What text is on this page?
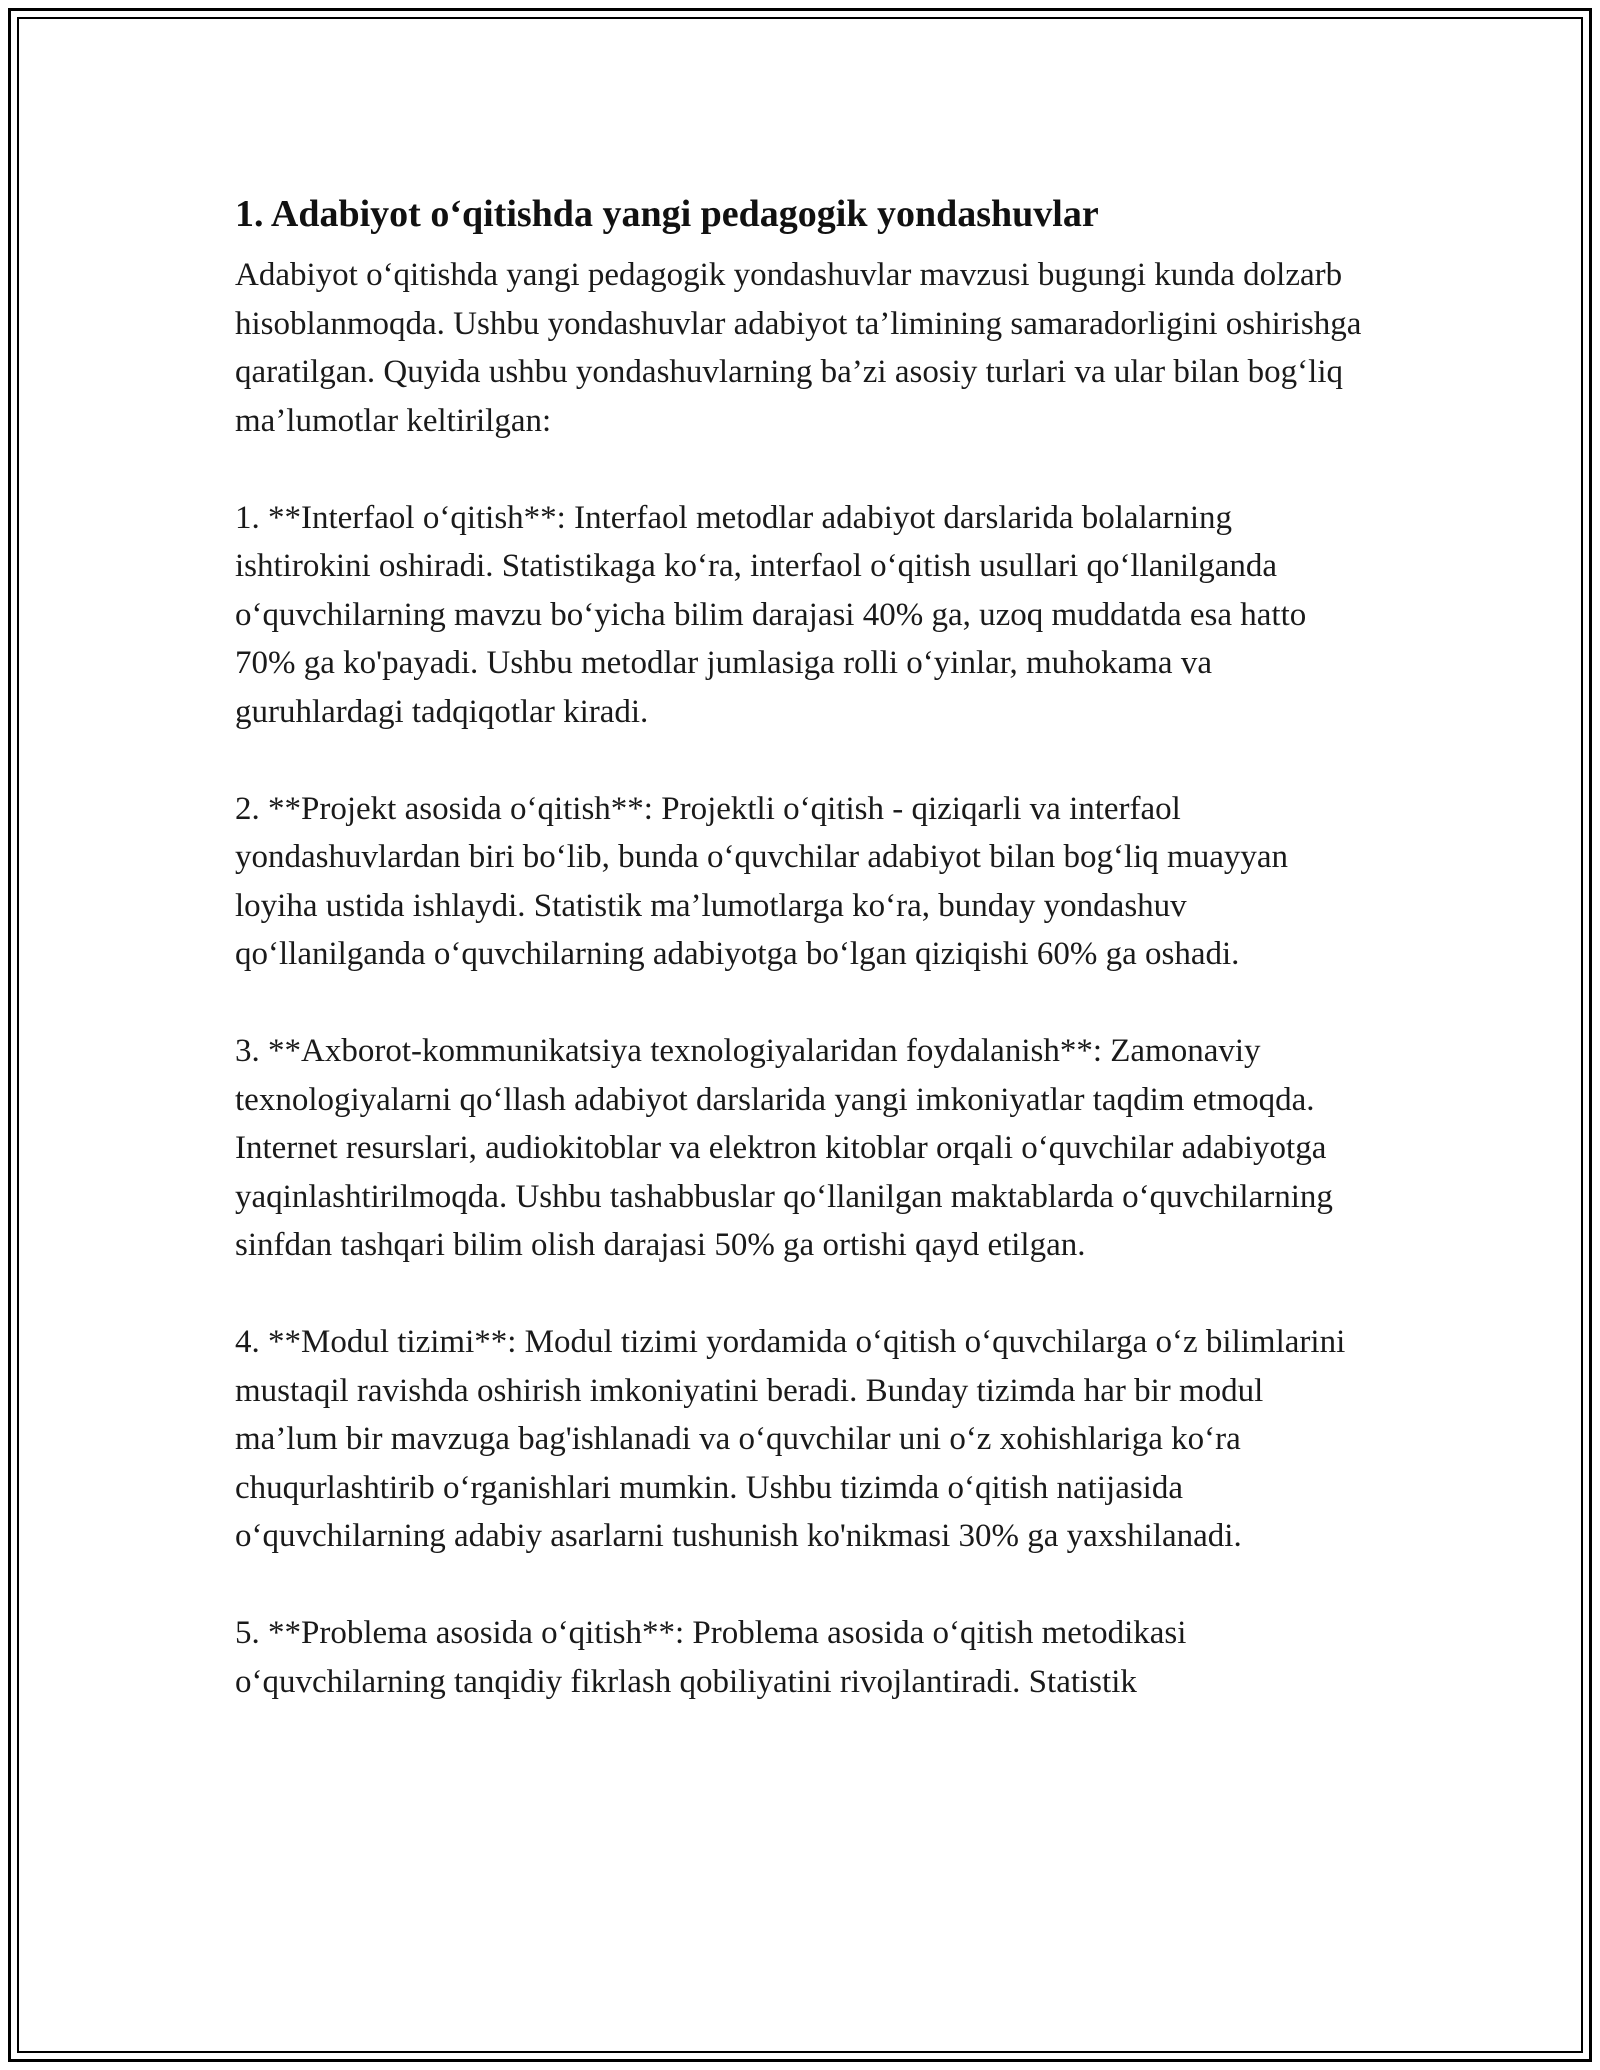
1. Adabiyot o‘qitishda yangi pedagogik yondashuvlar

Adabiyot o‘qitishda yangi pedagogik yondashuvlar mavzusi bugungi kunda dolzarb hisoblanmoqda. Ushbu yondashuvlar adabiyot ta’limining samaradorligini oshirishga qaratilgan. Quyida ushbu yondashuvlarning ba’zi asosiy turlari va ular bilan bog‘liq ma’lumotlar keltirilgan:

1. **Interfaol o‘qitish**: Interfaol metodlar adabiyot darslarida bolalarning ishtirokini oshiradi. Statistikaga ko‘ra, interfaol o‘qitish usullari qo‘llanilganda o‘quvchilarning mavzu bo‘yicha bilim darajasi 40% ga, uzoq muddatda esa hatto 70% ga ko'payadi. Ushbu metodlar jumlasiga rolli o‘yinlar, muhokama va guruhlardagi tadqiqotlar kiradi.

2. **Projekt asosida o‘qitish**: Projektli o‘qitish - qiziqarli va interfaol yondashuvlardan biri bo‘lib, bunda o‘quvchilar adabiyot bilan bog‘liq muayyan loyiha ustida ishlaydi. Statistik ma’lumotlarga ko‘ra, bunday yondashuv qo‘llanilganda o‘quvchilarning adabiyotga bo‘lgan qiziqishi 60% ga oshadi.

3. **Axborot-kommunikatsiya texnologiyalaridan foydalanish**: Zamonaviy texnologiyalarni qo‘llash adabiyot darslarida yangi imkoniyatlar taqdim etmoqda. Internet resurslari, audiokitoblar va elektron kitoblar orqali o‘quvchilar adabiyotga yaqinlashtirilmoqda. Ushbu tashabbuslar qo‘llanilgan maktablarda o‘quvchilarning sinfdan tashqari bilim olish darajasi 50% ga ortishi qayd etilgan.

4. **Modul tizimi**: Modul tizimi yordamida o‘qitish o‘quvchilarga o‘z bilimlarini mustaqil ravishda oshirish imkoniyatini beradi. Bunday tizimda har bir modul ma’lum bir mavzuga bag'ishlanadi va o‘quvchilar uni o‘z xohishlariga ko‘ra chuqurlashtirib o‘rganishlari mumkin. Ushbu tizimda o‘qitish natijasida o‘quvchilarning adabiy asarlarni tushunish ko'nikmasi 30% ga yaxshilanadi.

5. **Problema asosida o‘qitish**: Problema asosida o‘qitish metodikasi o‘quvchilarning tanqidiy fikrlash qobiliyatini rivojlantiradi. Statistik
